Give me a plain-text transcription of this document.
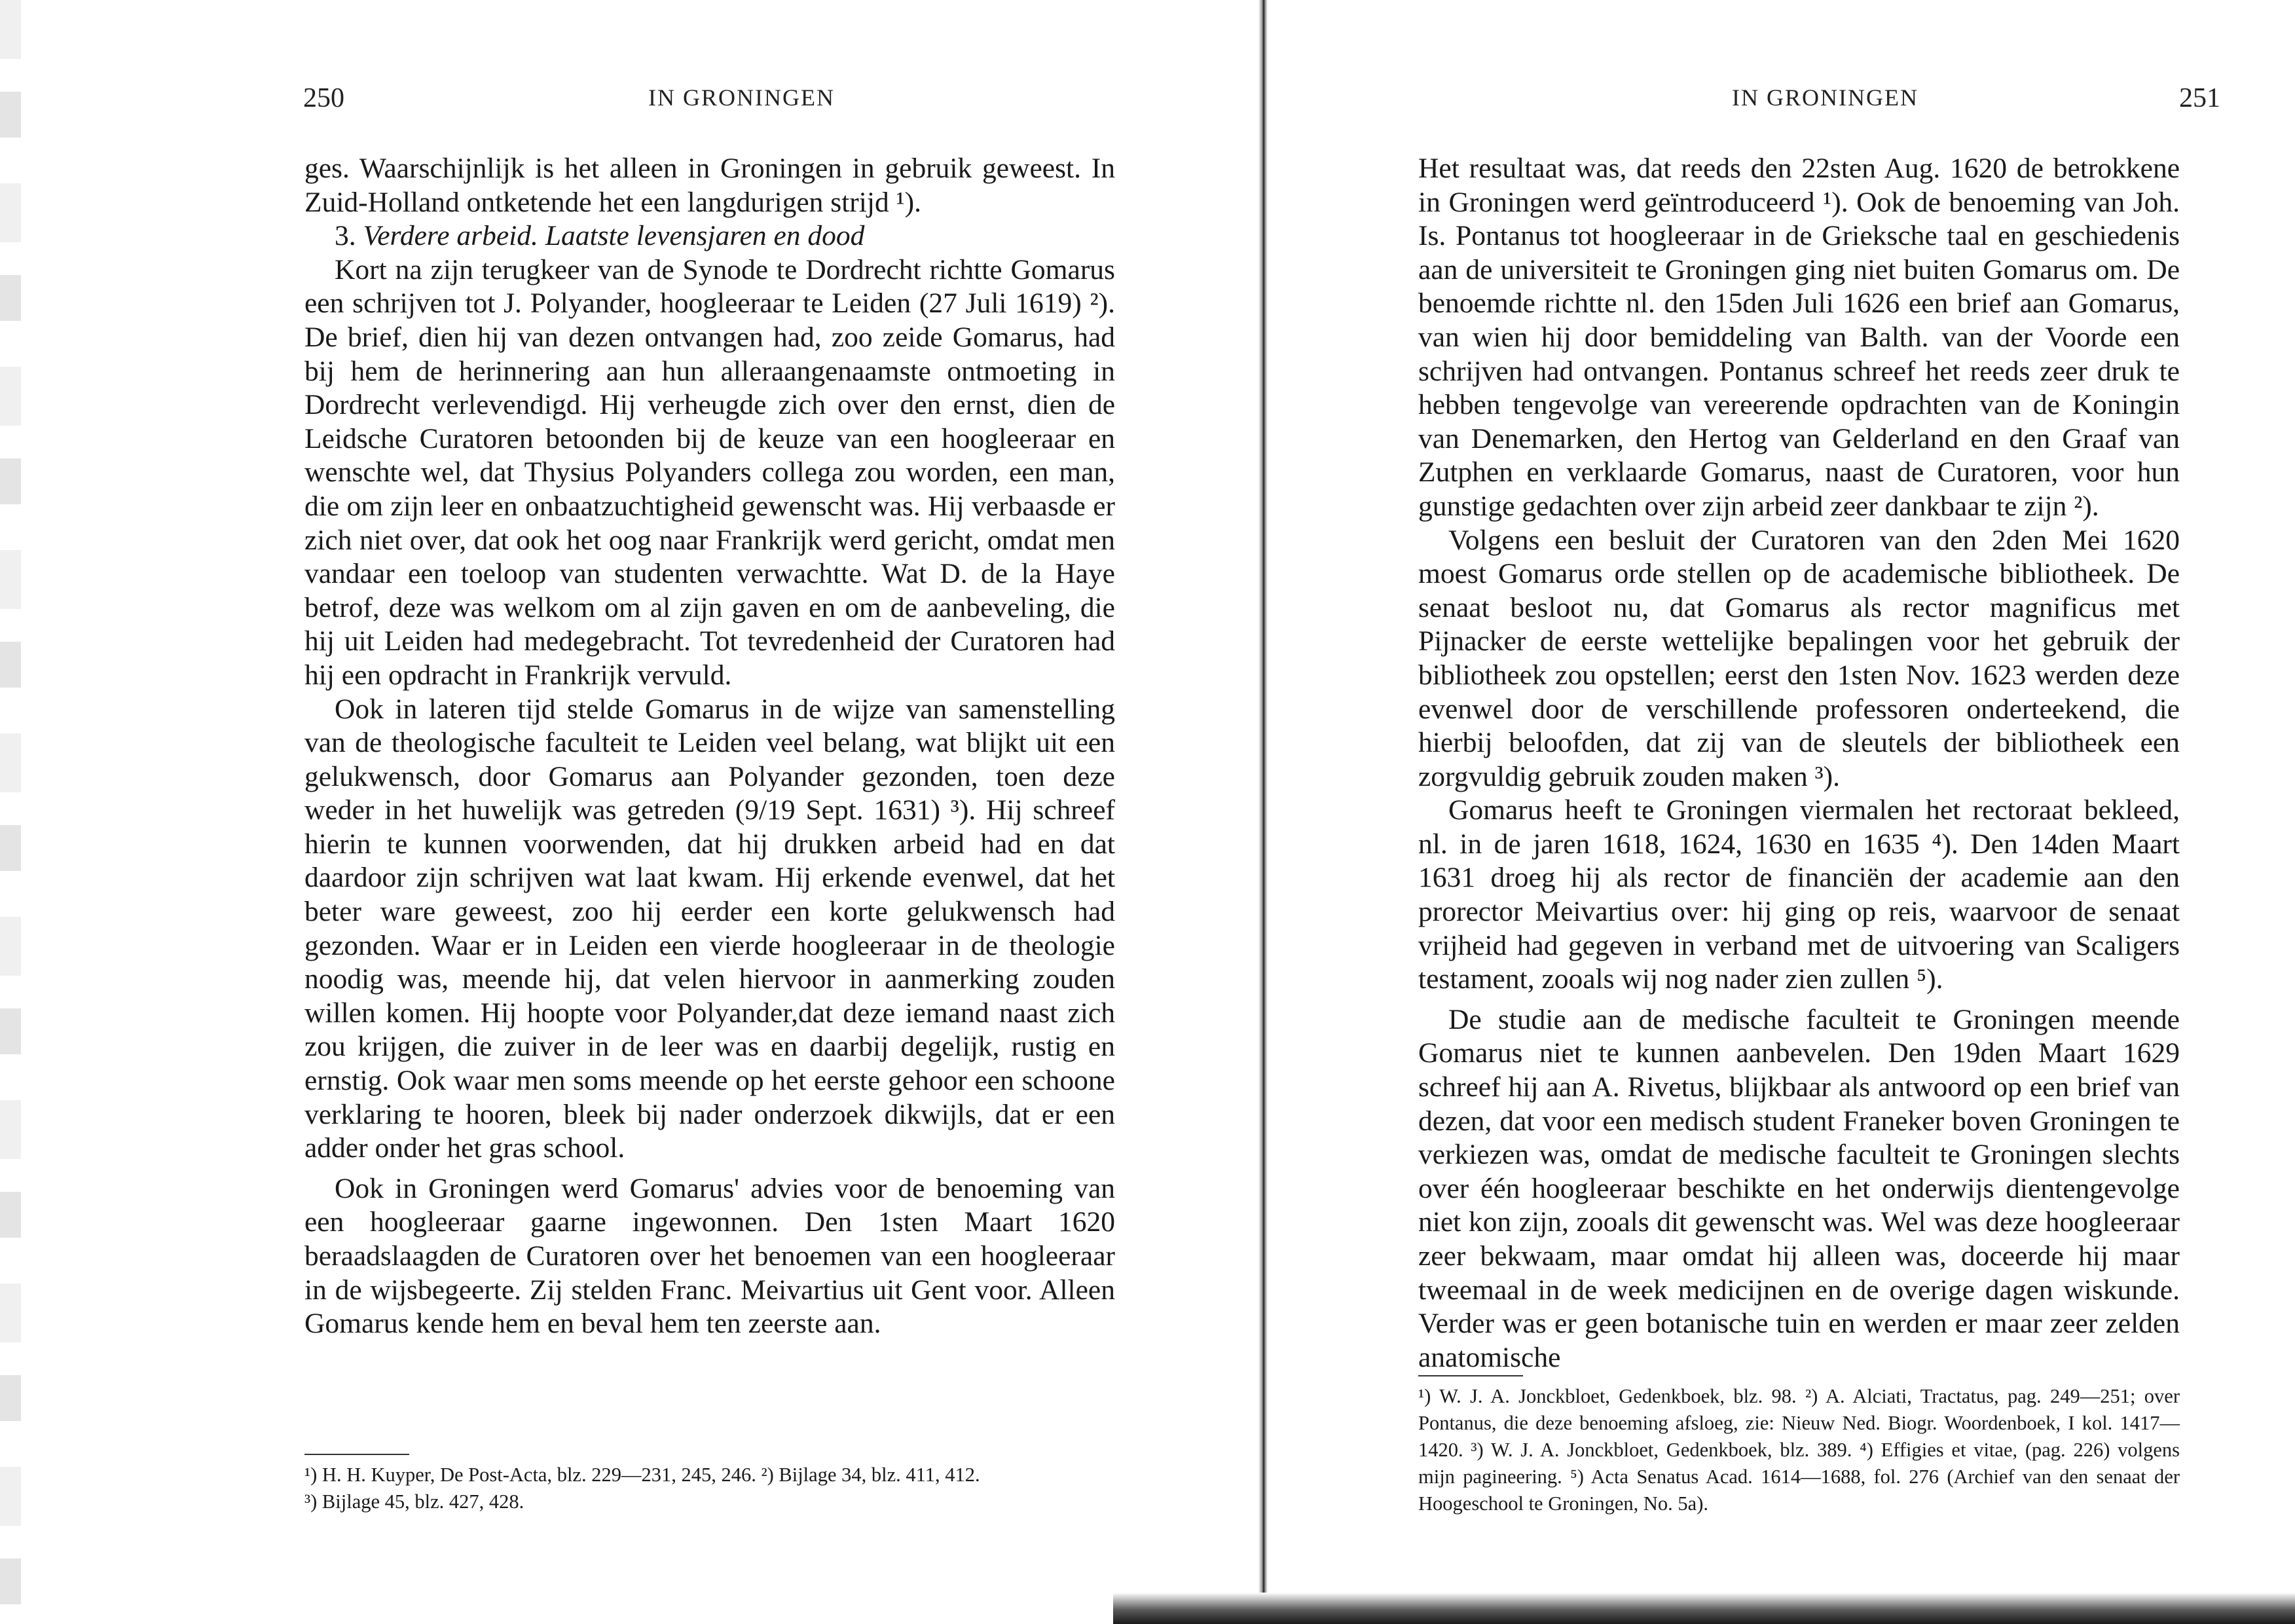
250	IN GRONINGEN

ges. Waarschijnlijk is het alleen in Groningen in gebruik geweest. In Zuid-Holland ontketende het een langdurigen strijd ¹).

3. Verdere arbeid. Laatste levensjaren en dood

Kort na zijn terugkeer van de Synode te Dordrecht richtte Gomarus een schrijven tot J. Polyander, hoogleeraar te Leiden (27 Juli 1619) ²). De brief, dien hij van dezen ontvangen had, zoo zeide Gomarus, had bij hem de herinnering aan hun alleraangenaamste ontmoeting in Dordrecht verlevendigd. Hij verheugde zich over den ernst, dien de Leidsche Curatoren betoonden bij de keuze van een hoogleeraar en wenschte wel, dat Thysius Polyanders collega zou worden, een man, die om zijn leer en onbaatzuchtigheid gewenscht was. Hij verbaasde er zich niet over, dat ook het oog naar Frankrijk werd gericht, omdat men vandaar een toeloop van studenten verwachtte. Wat D. de la Haye betrof, deze was welkom om al zijn gaven en om de aanbeveling, die hij uit Leiden had medegebracht. Tot tevredenheid der Curatoren had hij een opdracht in Frankrijk vervuld.

Ook in lateren tijd stelde Gomarus in de wijze van samenstelling van de theologische faculteit te Leiden veel belang, wat blijkt uit een gelukwensch, door Gomarus aan Polyander gezonden, toen deze weder in het huwelijk was getreden (9/19 Sept. 1631) ³). Hij schreef hierin te kunnen voorwenden, dat hij drukken arbeid had en dat daardoor zijn schrijven wat laat kwam. Hij erkende evenwel, dat het beter ware geweest, zoo hij eerder een korte gelukwensch had gezonden. Waar er in Leiden een vierde hoogleeraar in de theologie noodig was, meende hij, dat velen hiervoor in aanmerking zouden willen komen. Hij hoopte voor Polyander,dat deze iemand naast zich zou krijgen, die zuiver in de leer was en daarbij degelijk, rustig en ernstig. Ook waar men soms meende op het eerste gehoor een schoone verklaring te hooren, bleek bij nader onderzoek dikwijls, dat er een adder onder het gras school.

Ook in Groningen werd Gomarus' advies voor de benoeming van een hoogleeraar gaarne ingewonnen. Den 1sten Maart 1620 beraadslaagden de Curatoren over het benoemen van een hoogleeraar in de wijsbegeerte. Zij stelden Franc. Meivartius uit Gent voor. Alleen Gomarus kende hem en beval hem ten zeerste aan.

¹) H. H. Kuyper, De Post-Acta, blz. 229—231, 245, 246. ²) Bijlage 34, blz. 411, 412.

³) Bijlage 45, blz. 427, 428.

IN GRONINGEN	251

Het resultaat was, dat reeds den 22sten Aug. 1620 de betrokkene in Groningen werd geïntroduceerd ¹). Ook de benoeming van Joh. Is. Pontanus tot hoogleeraar in de Grieksche taal en geschiedenis aan de universiteit te Groningen ging niet buiten Gomarus om. De benoemde richtte nl. den 15den Juli 1626 een brief aan Gomarus, van wien hij door bemiddeling van Balth. van der Voorde een schrijven had ontvangen. Pontanus schreef het reeds zeer druk te hebben tengevolge van vereerende opdrachten van de Koningin van Denemarken, den Hertog van Gelderland en den Graaf van Zutphen en verklaarde Gomarus, naast de Curatoren, voor hun gunstige gedachten over zijn arbeid zeer dankbaar te zijn ²).

Volgens een besluit der Curatoren van den 2den Mei 1620 moest Gomarus orde stellen op de academische bibliotheek. De senaat besloot nu, dat Gomarus als rector magnificus met Pijnacker de eerste wettelijke bepalingen voor het gebruik der bibliotheek zou opstellen; eerst den 1sten Nov. 1623 werden deze evenwel door de verschillende professoren onderteekend, die hierbij beloofden, dat zij van de sleutels der bibliotheek een zorgvuldig gebruik zouden maken ³).

Gomarus heeft te Groningen viermalen het rectoraat bekleed, nl. in de jaren 1618, 1624, 1630 en 1635 ⁴). Den 14den Maart 1631 droeg hij als rector de financiën der academie aan den prorector Meivartius over: hij ging op reis, waarvoor de senaat vrijheid had gegeven in verband met de uitvoering van Scaligers testament, zooals wij nog nader zien zullen ⁵).

De studie aan de medische faculteit te Groningen meende Gomarus niet te kunnen aanbevelen. Den 19den Maart 1629 schreef hij aan A. Rivetus, blijkbaar als antwoord op een brief van dezen, dat voor een medisch student Franeker boven Groningen te verkiezen was, omdat de medische faculteit te Groningen slechts over één hoogleeraar beschikte en het onderwijs dientengevolge niet kon zijn, zooals dit gewenscht was. Wel was deze hoogleeraar zeer bekwaam, maar omdat hij alleen was, doceerde hij maar tweemaal in de week medicijnen en de overige dagen wiskunde. Verder was er geen botanische tuin en werden er maar zeer zelden anatomische

¹) W. J. A. Jonckbloet, Gedenkboek, blz. 98. ²) A. Alciati, Tractatus, pag. 249—251; over Pontanus, die deze benoeming afsloeg, zie: Nieuw Ned. Biogr. Woordenboek, I kol. 1417—1420. ³) W. J. A. Jonckbloet, Gedenkboek, blz. 389. ⁴) Effigies et vitae, (pag. 226) volgens mijn pagineering. ⁵) Acta Senatus Acad. 1614—1688, fol. 276 (Archief van den senaat der Hoogeschool te Groningen, No. 5a).
